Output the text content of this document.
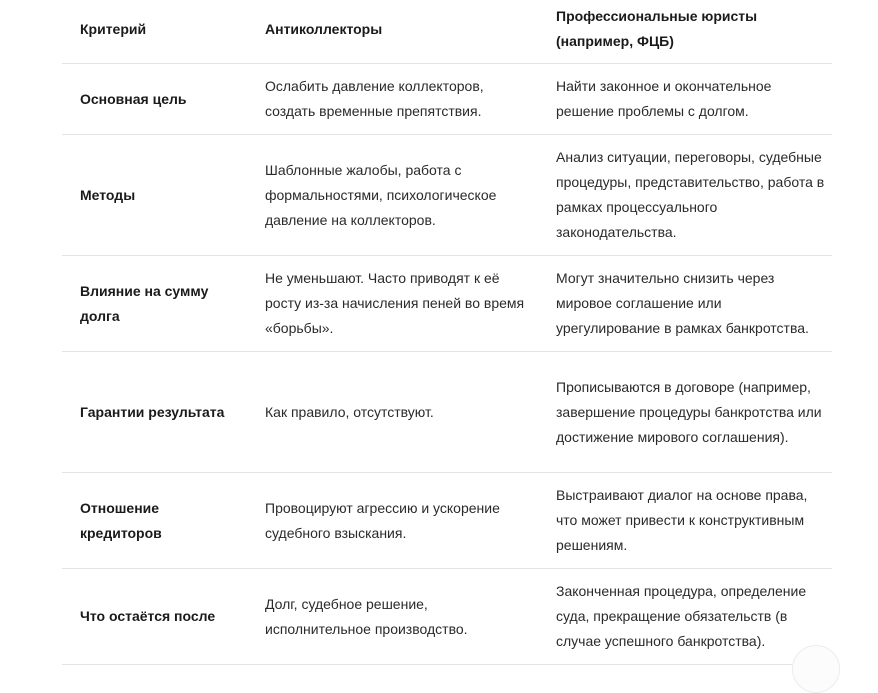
Критерий	Антиколлекторы	Профессиональные юристы (например, ФЦБ)
Основная цель	Ослабить давление коллекторов, создать временные препятствия.	Найти законное и окончательное решение проблемы с долгом.
Методы	Шаблонные жалобы, работа с формальностями, психологическое давление на коллекторов.	Анализ ситуации, переговоры, судебные процедуры, представительство, работа в рамках процессуального законодательства.
Влияние на сумму долга	Не уменьшают. Часто приводят к её росту из-за начисления пеней во время «борьбы».	Могут значительно снизить через мировое соглашение или урегулирование в рамках банкротства.
Гарантии результата	Как правило, отсутствуют.	Прописываются в договоре (например, завершение процедуры банкротства или достижение мирового соглашения).
Отношение кредиторов	Провоцируют агрессию и ускорение судебного взыскания.	Выстраивают диалог на основе права, что может привести к конструктивным решениям.
Что остаётся после	Долг, судебное решение, исполнительное производство.	Законченная процедура, определение суда, прекращение обязательств (в случае успешного банкротства).
